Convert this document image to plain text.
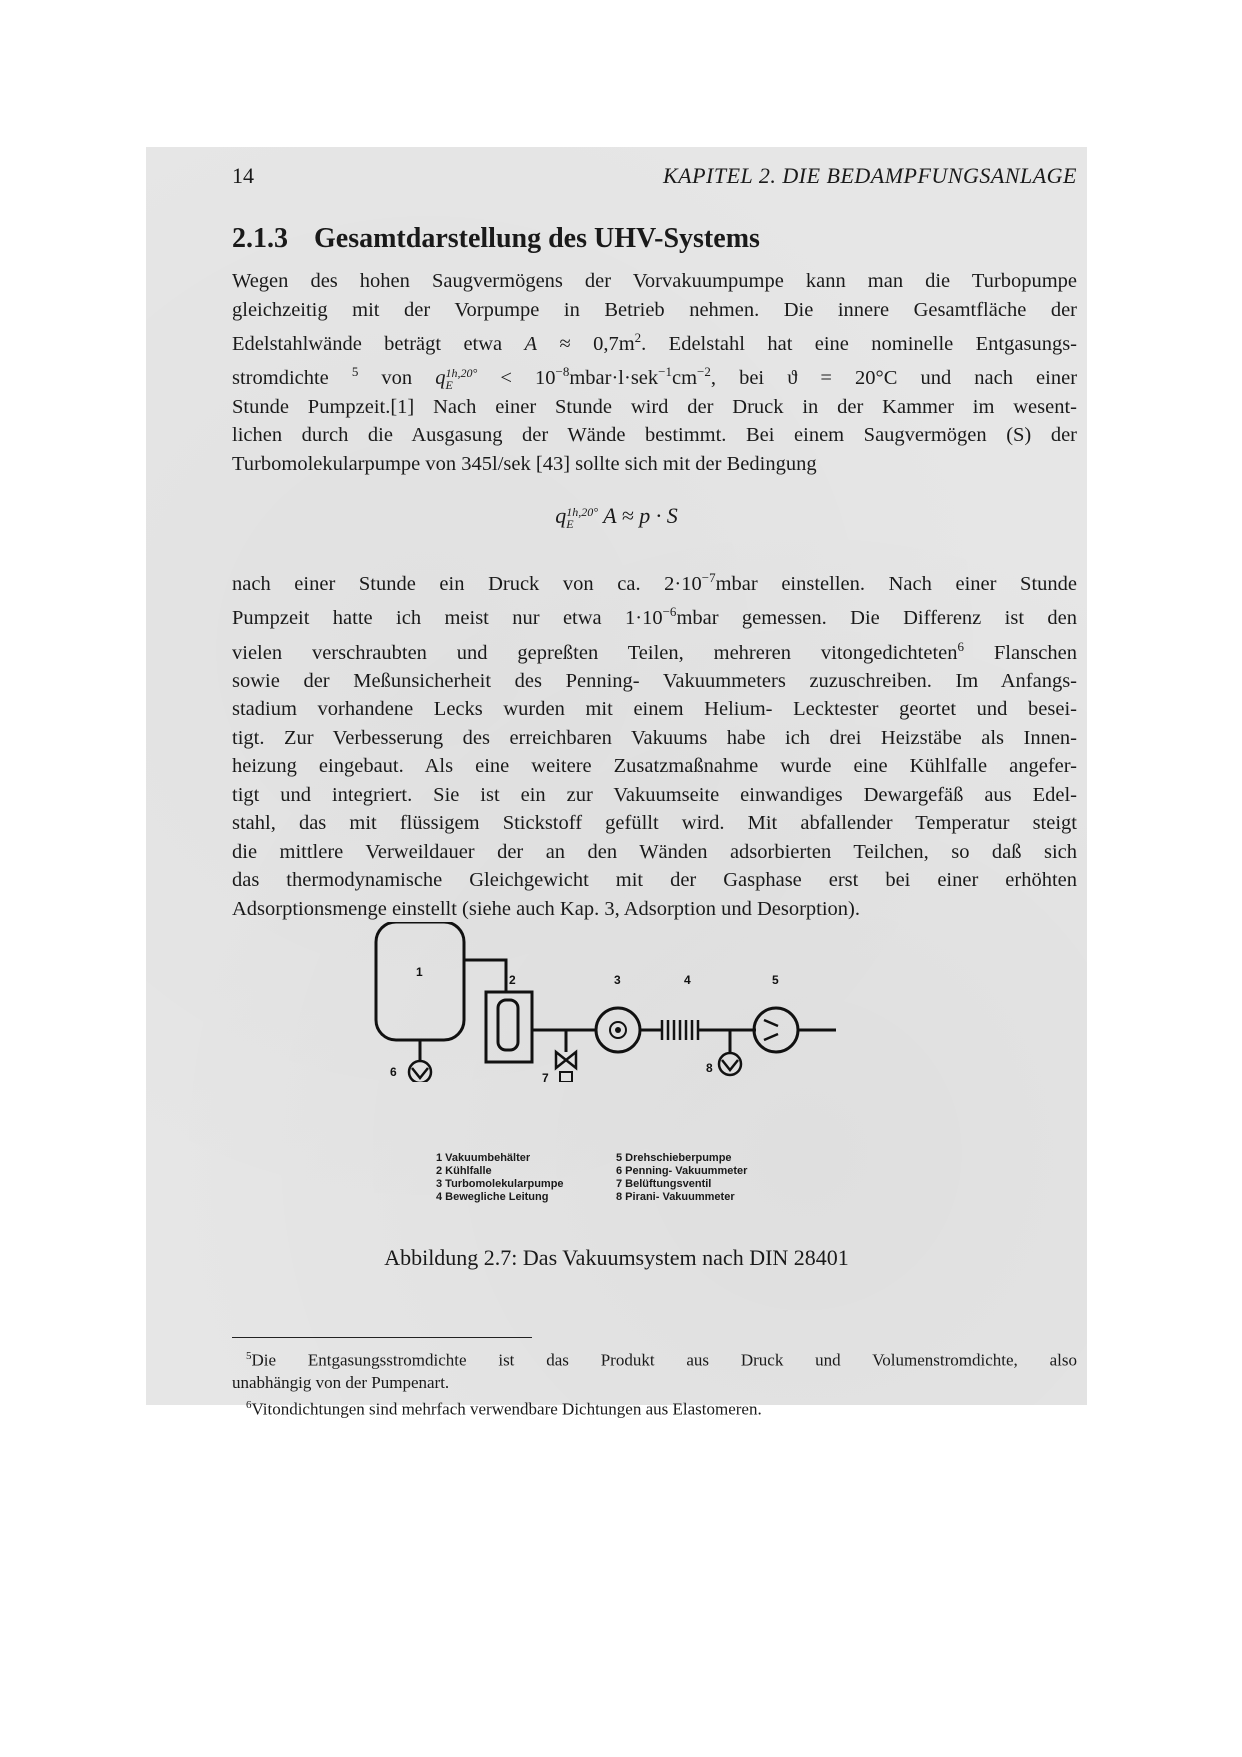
14	KAPITEL 2. DIE BEDAMPFUNGSANLAGE
2.1.3 Gesamtdarstellung des UHV-Systems
Wegen des hohen Saugvermögens der Vorvakuumpumpe kann man die Turbopumpe
gleichzeitig mit der Vorpumpe in Betrieb nehmen. Die innere Gesamtfläche der
Edelstahlwände beträgt etwa $A \approx 0,7m^2$. Edelstahl hat eine nominelle Entgasungs-
stromdichte $^5$ von q 1h,20°
E	< $10^{-8}mbar\cdot l\cdot sek^{-1}cm^{-2}$, bei ϑ = 20°C und nach einer
Stunde Pumpzeit.[1] Nach einer Stunde wird der Druck in der Kammer im wesent-
lichen durch die Ausgasung der Wände bestimmt. Bei einem Saugvermögen (S) der
Turbomolekularpumpe von 345l/sek [43] sollte sich mit der Bedingung
q 1h,20°
E	A ≈ p · S
nach einer Stunde ein Druck von ca. $2\cdot 10^{-7}mbar$ einstellen. Nach einer Stunde
Pumpzeit hatte ich meist nur etwa $1\cdot 10^{-6}mbar$ gemessen. Die Differenz ist den
vielen verschraubten und gepreßten Teilen, mehreren vitongedichteten$^6$ Flanschen
sowie der Meßunsicherheit des Penning- Vakuummeters zuzuschreiben. Im Anfangs-
stadium vorhandene Lecks wurden mit einem Helium- Lecktester geortet und besei-
tigt. Zur Verbesserung des erreichbaren Vakuums habe ich drei Heizstäbe als Innen-
heizung eingebaut. Als eine weitere Zusatzmaßnahme wurde eine Kühlfalle angefer-
tigt und integriert. Sie ist ein zur Vakuumseite einwandiges Dewargefäß aus Edel-
stahl, das mit flüssigem Stickstoff gefüllt wird. Mit abfallender Temperatur steigt
die mittlere Verweildauer der an den Wänden adsorbierten Teilchen, so daß sich
das thermodynamische Gleichgewicht mit der Gasphase erst bei einer erhöhten
Adsorptionsmenge einstellt (siehe auch Kap. 3, Adsorption und Desorption).
1
2	3	4	5
6	7
8
1 Vakuumbehälter
2 Kühlfalle
3 Turbomolekularpumpe
4 Bewegliche Leitung
5 Drehschieberpumpe
6 Penning- Vakuummeter
7 Belüftungsventil
8 Pirani- Vakuummeter
Abbildung 2.7: Das Vakuumsystem nach DIN 28401
$^5$Die Entgasungsstromdichte ist das Produkt aus Druck und Volumenstromdichte, also
unabhängig von der Pumpenart.
$^6$Vitondichtungen sind mehrfach verwendbare Dichtungen aus Elastomeren.
